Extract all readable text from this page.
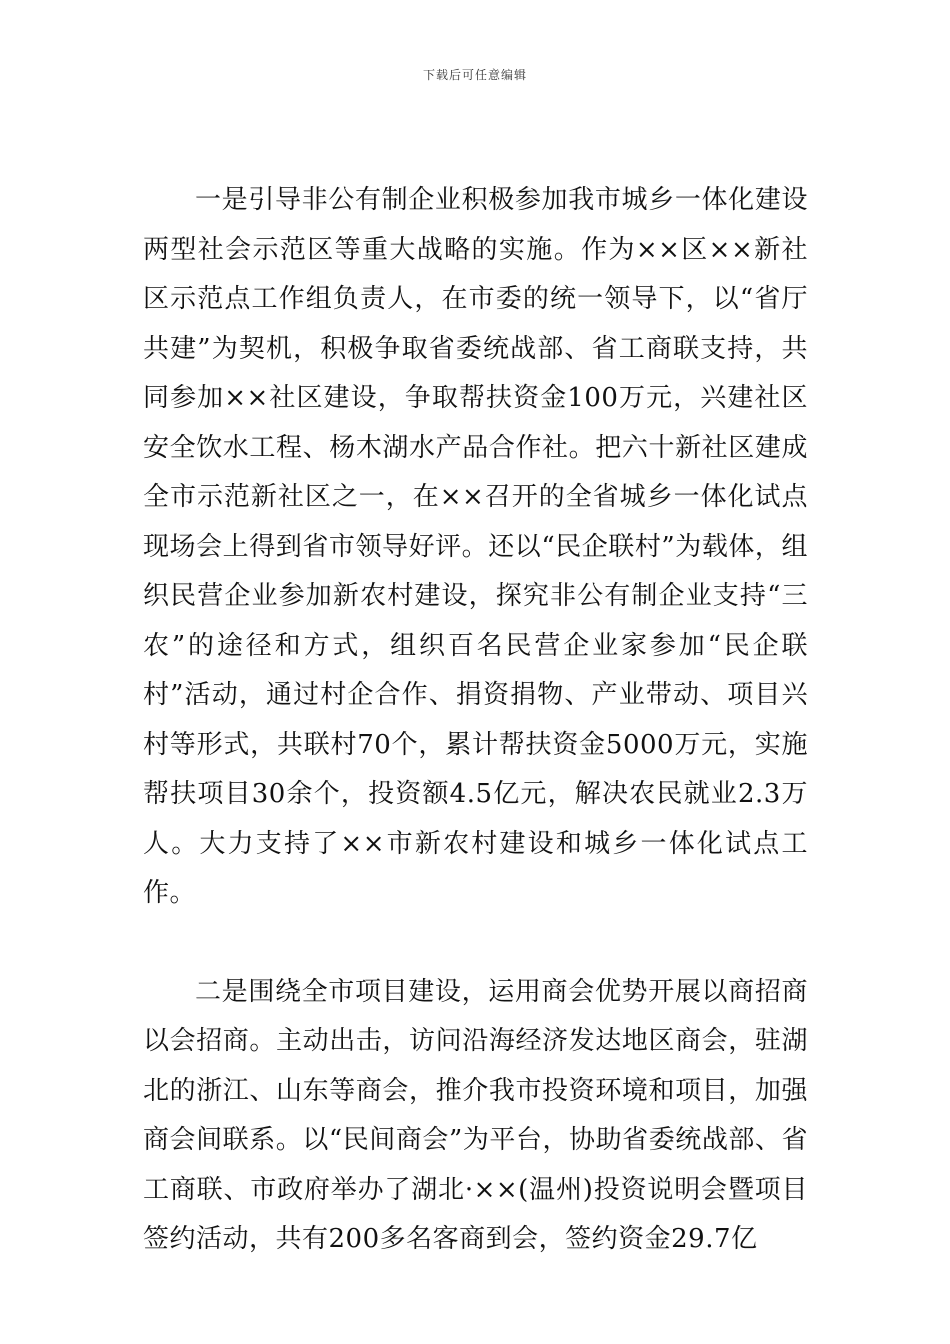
下载后可任意编辑

一是引导非公有制企业积极参加我市城乡一体化建设两型社会示范区等重大战略的实施。作为××区××新社区示范点工作组负责人，在市委的统一领导下，以“省厅共建”为契机，积极争取省委统战部、省工商联支持，共同参加××社区建设，争取帮扶资金100万元，兴建社区安全饮水工程、杨木湖水产品合作社。把六十新社区建成全市示范新社区之一，在××召开的全省城乡一体化试点现场会上得到省市领导好评。还以“民企联村”为载体，组织民营企业参加新农村建设，探究非公有制企业支持“三农”的途径和方式，组织百名民营企业家参加“民企联村”活动，通过村企合作、捐资捐物、产业带动、项目兴村等形式，共联村70个，累计帮扶资金5000万元，实施帮扶项目30余个，投资额4.5亿元，解决农民就业2.3万人。大力支持了××市新农村建设和城乡一体化试点工作。

二是围绕全市项目建设，运用商会优势开展以商招商以会招商。主动出击，访问沿海经济发达地区商会，驻湖北的浙江、山东等商会，推介我市投资环境和项目，加强商会间联系。以“民间商会”为平台，协助省委统战部、省工商联、市政府举办了湖北·××(温州)投资说明会暨项目签约活动，共有200多名客商到会，签约资金29.7亿
